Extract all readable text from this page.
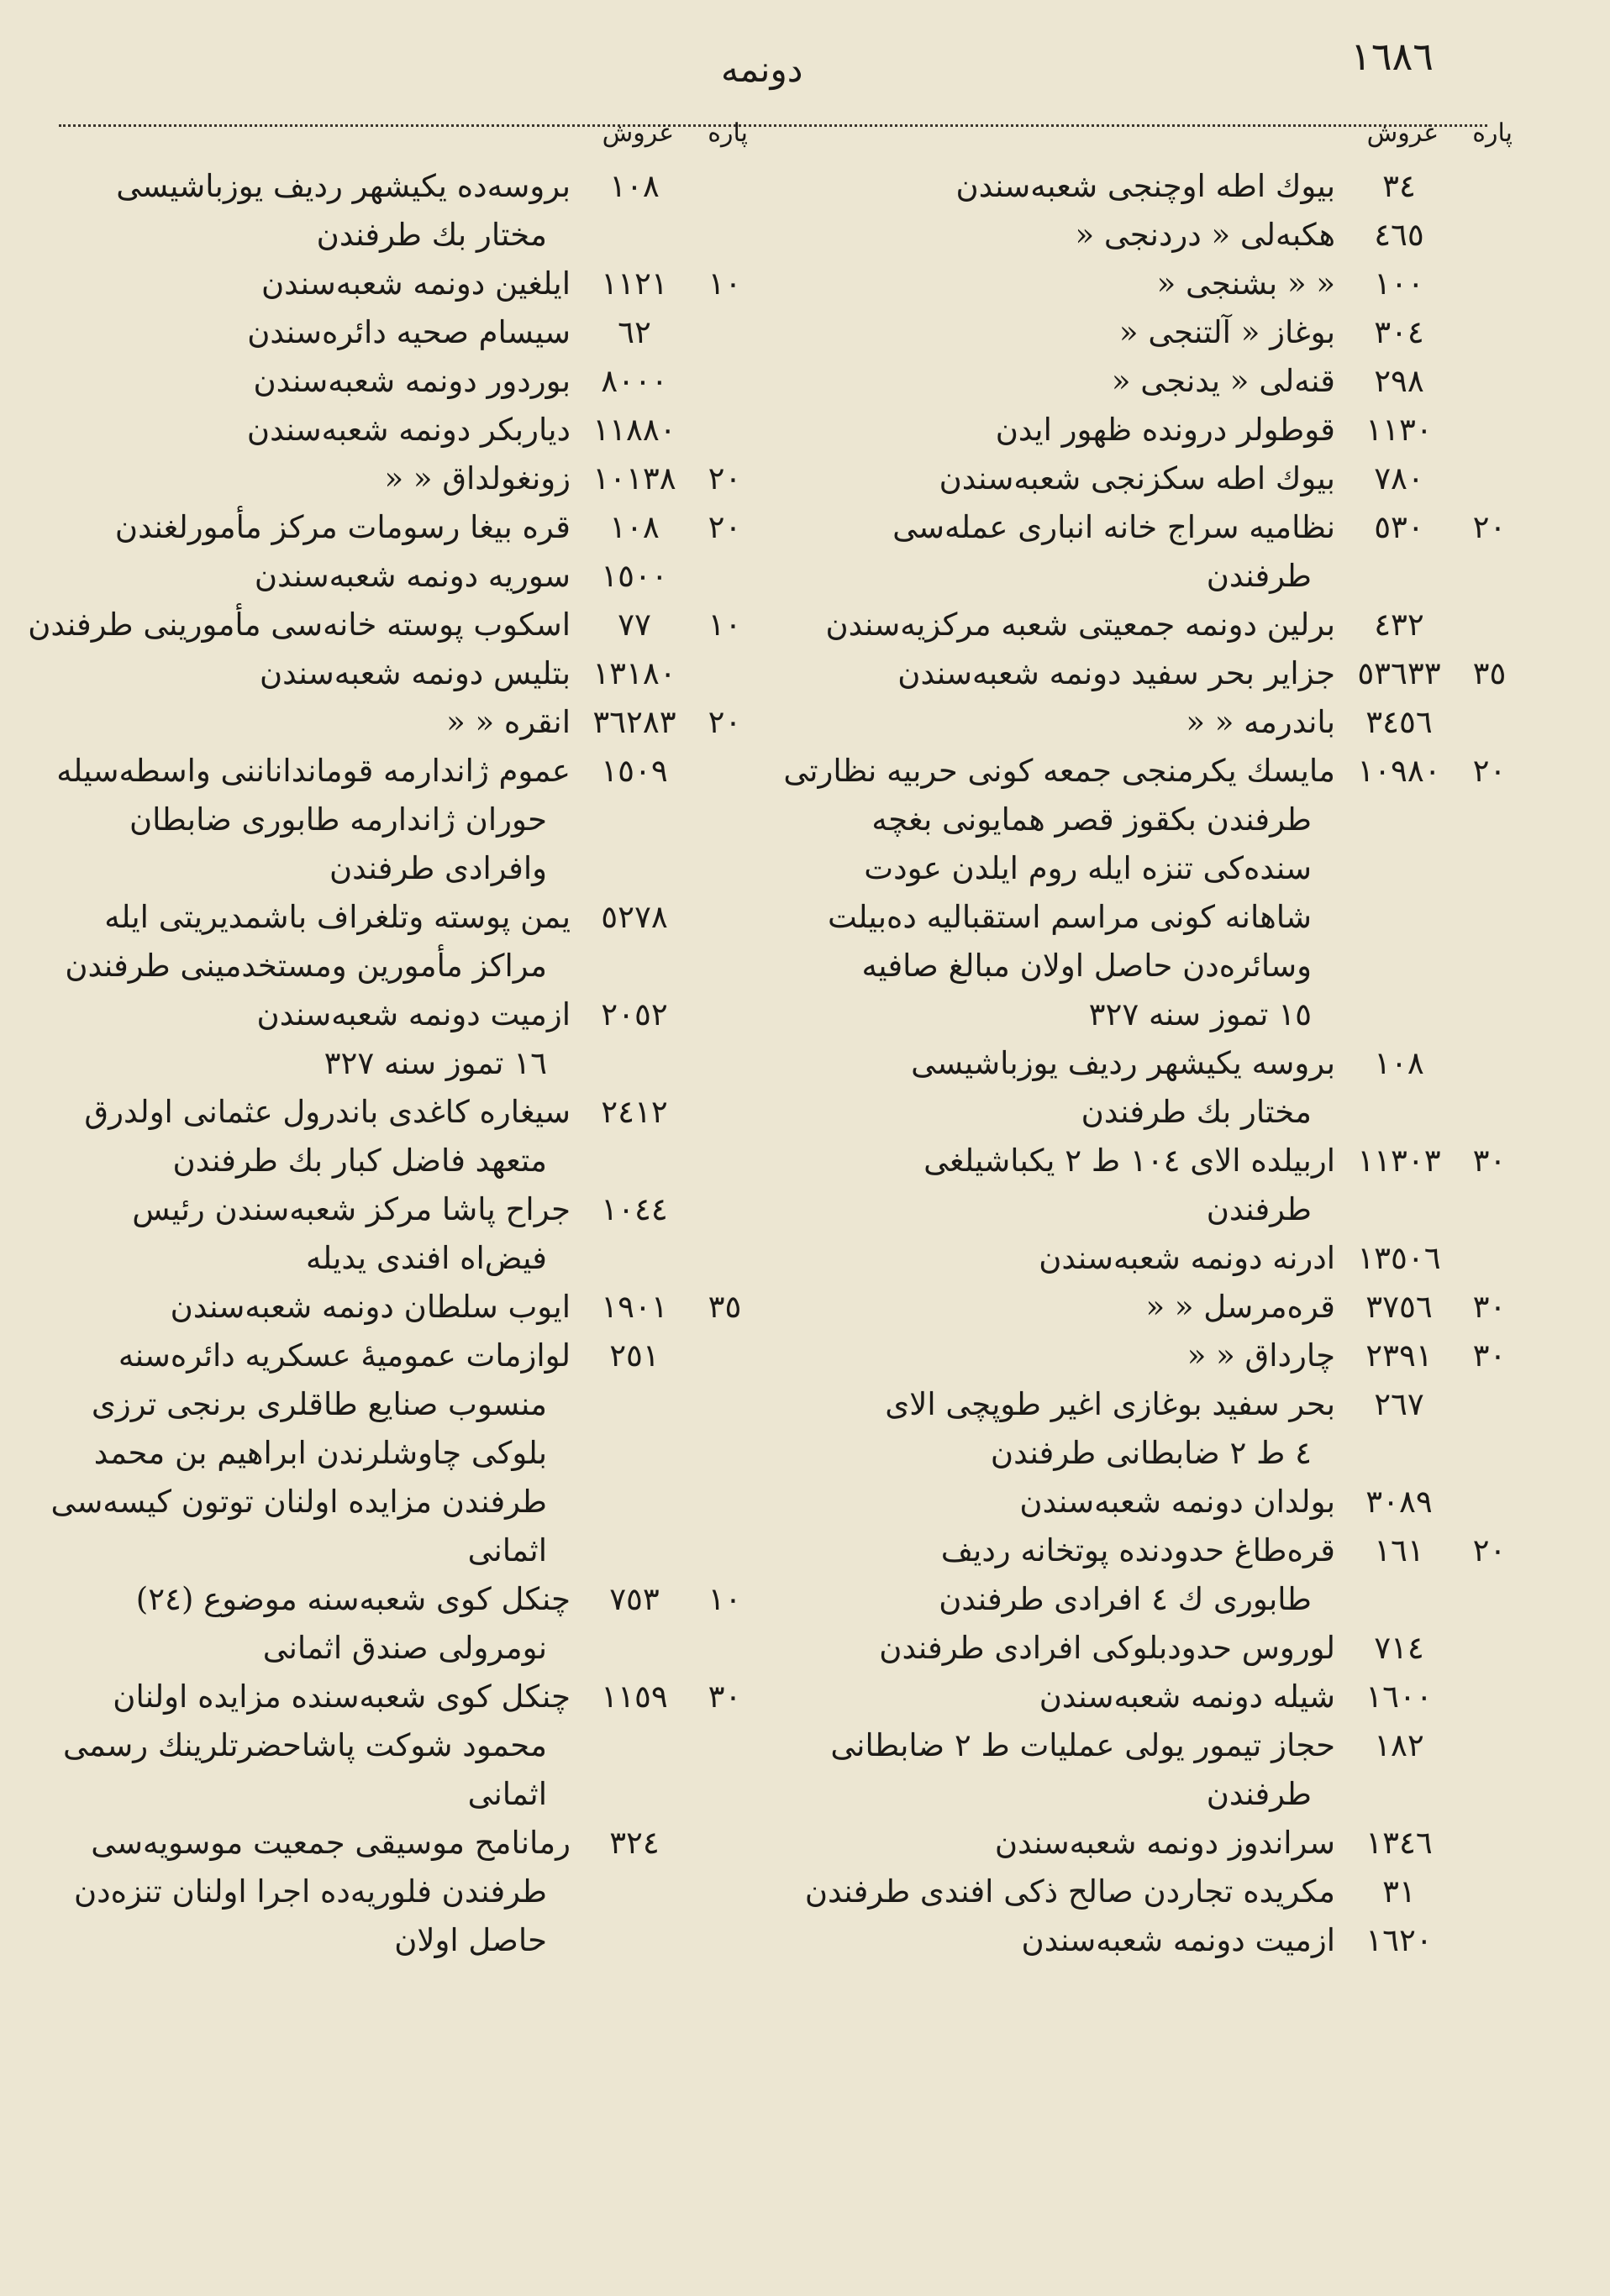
١٦٨٦
دونمه
پاره
غروش
٣٤
بيوك اطه اوچنجى شعبه‌سندن
٤٦٥
هكبه‌لى « دردنجى «
١٠٠
« « بشنجى «
٣٠٤
بوغاز « آلتنجى «
٢٩٨
قنه‌لى « يدنجى «
١١٣٠
قوطولر درونده ظهور ايدن
٧٨٠
بيوك اطه سكزنجى شعبه‌سندن
٢٠
٥٣٠
نظاميه سراج خانه انبارى عمله‌سى
طرفندن
٤٣٢
برلين دونمه جمعيتى شعبه مركزيه‌سندن
٣٥
٥٣٦٣٣
جزاير بحر سفيد دونمه شعبه‌سندن
٣٤٥٦
باندرمه « «
٢٠
١٠٩٨٠
مايسك يكرمنجى جمعه كونى حربيه نظارتى
طرفندن بكقوز قصر همايونى بغچه‌
سنده‌كى تنزه ايله روم ايلدن عودت
شاهانه كونى مراسم استقباليه ده‌بيلت
وسائره‌دن حاصل اولان مبالغ صافيه
١٥ تموز سنه ٣٢٧
١٠٨
بروسه يكيشهر رديف يوزباشيسى
مختار بك طرفندن
٣٠
١١٣٠٣
اربيلده الاى ١٠٤ ط ٢ يكباشيلغى
طرفندن
١٣٥٠٦
ادرنه دونمه شعبه‌سندن
٣٠
٣٧٥٦
قره‌مرسل « «
٣٠
٢٣٩١
چارداق « «
٢٦٧
بحر سفيد بوغازى اغير طوپچى الاى
٤ ط ٢ ضابطانى طرفندن
٣٠٨٩
بولدان دونمه شعبه‌سندن
٢٠
١٦١
قره‌طاغ حدودنده پوتخانه رديف
طابورى ك ٤ افرادى طرفندن
٧١٤
لوروس حدودبلوكى افرادى طرفندن
١٦٠٠
شيله دونمه شعبه‌سندن
١٨٢
حجاز تيمور يولى عمليات ط ٢ ضابطانى
طرفندن
١٣٤٦
سراندوز دونمه شعبه‌سندن
٣١
مكريده تجاردن صالح ذكى افندى طرفندن
١٦٢٠
ازميت دونمه شعبه‌سندن
پاره
غروش
١٠٨
بروسه‌ده يكيشهر رديف يوزباشيسى
مختار بك طرفندن
١٠
١١٢١
ايلغين دونمه شعبه‌سندن
٦٢
سيسام صحيه دائره‌سندن
٨٠٠٠
بوردور دونمه شعبه‌سندن
١١٨٨٠
دياربكر دونمه شعبه‌سندن
٢٠
١٠١٣٨
زونغولداق « «
٢٠
١٠٨
قره بيغا رسومات مركز مأمورلغندن
١٥٠٠
سوريه دونمه شعبه‌سندن
١٠
٧٧
اسكوب پوسته خانه‌سى مأمورينى طرفندن
١٣١٨٠
بتليس دونمه شعبه‌سندن
٢٠
٣٦٢٨٣
انقره « «
١٥٠٩
عموم ژاندارمه قومانداناننى واسطه‌سيله
حوران ژاندارمه طابورى ضابطان
وافرادى طرفندن
٥٢٧٨
يمن پوسته وتلغراف باشمديريتى ايله
مراكز مأمورين ومستخدمينى طرفندن
٢٠٥٢
ازميت دونمه شعبه‌سندن
١٦ تموز سنه ٣٢٧
٢٤١٢
سيغاره كاغدى باندرول عثمانى اولدرق
متعهد فاضل كبار بك طرفندن
١٠٤٤
جراح پاشا مركز شعبه‌سندن رئيس
فيض‌اه افندى يديله
٣٥
١٩٠١
ايوب سلطان دونمه شعبه‌سندن
٢٥١
لوازمات عموميهٔ عسكريه دائره‌سنه
منسوب صنايع طاقلرى برنجى ترزى
بلوكى چاوشلرندن ابراهيم بن محمد
طرفندن مزايده اولنان توتون كيسه‌سى
اثمانى
١٠
٧٥٣
چنكل كوى شعبه‌سنه موضوع (٢٤)
نومرولى صندق اثمانى
٣٠
١١٥٩
چنكل كوى شعبه‌سنده مزايده اولنان
محمود شوكت پاشاحضرتلرينك رسمى
اثمانى
٣٢٤
رمانامح موسيقى جمعيت موسويه‌سى
طرفندن فلوريه‌ده اجرا اولنان تنزه‌دن
حاصل اولان
